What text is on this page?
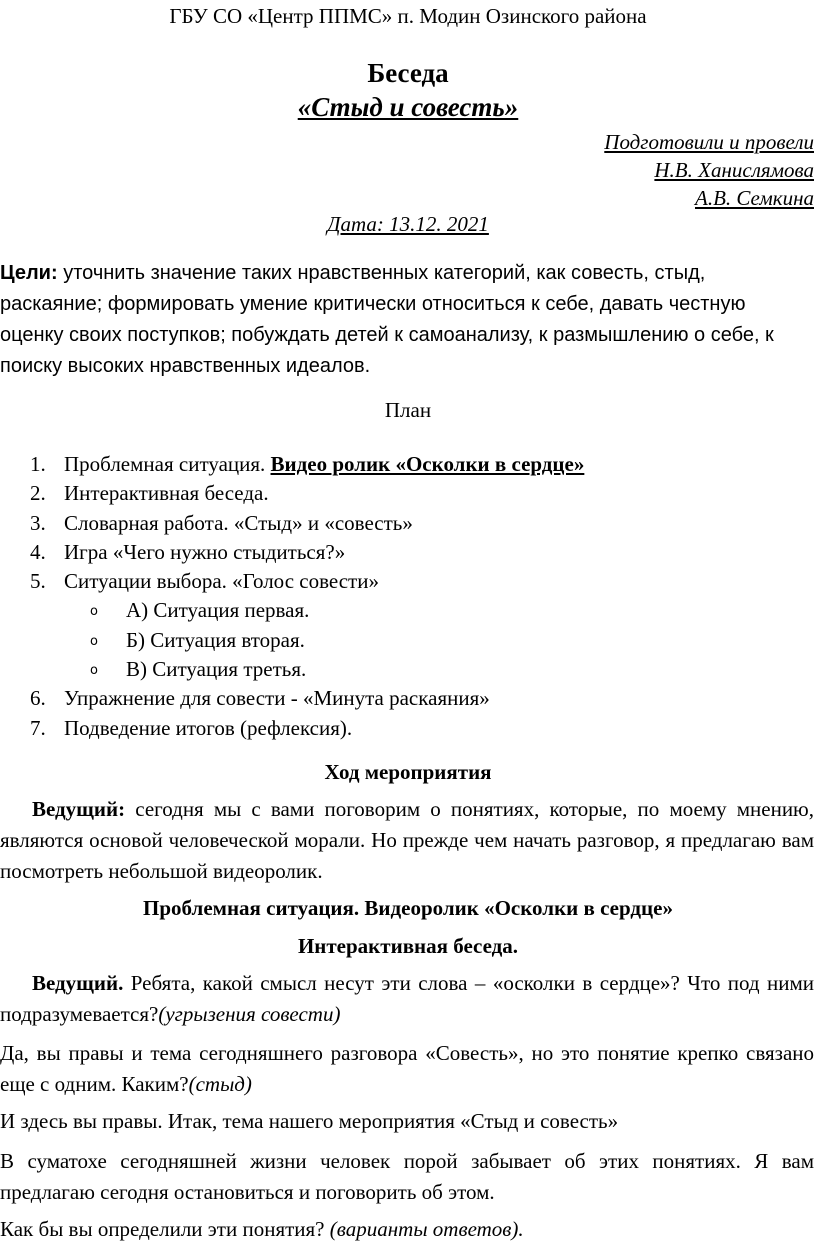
ГБУ СО «Центр ППМС» п. Модин Озинского района
Беседа
«Стыд и совесть»
Подготовили и провели
Н.В. Ханислямова
А.В. Семкина
Дата: 13.12. 2021
Цели: уточнить значение таких нравственных категорий, как совесть, стыд, раскаяние; формировать умение критически относиться к себе, давать честную оценку своих поступков; побуждать детей к самоанализу, к размышлению о себе, к поиску высоких нравственных идеалов.
План
1. Проблемная ситуация. Видео ролик «Осколки в сердце»
2. Интерактивная беседа.
3. Словарная работа. «Стыд» и «совесть»
4. Игра «Чего нужно стыдиться?»
5. Ситуации выбора. «Голос совести»
o А) Ситуация первая.
o Б) Ситуация вторая.
o В) Ситуация третья.
6. Упражнение для совести - «Минута раскаяния»
7. Подведение итогов (рефлексия).
Ход мероприятия
Ведущий: сегодня мы с вами поговорим о понятиях, которые, по моему мнению, являются основой человеческой морали. Но прежде чем начать разговор, я предлагаю вам посмотреть небольшой видеоролик.
Проблемная ситуация. Видеоролик «Осколки в сердце»
Интерактивная беседа.
Ведущий. Ребята, какой смысл несут эти слова – «осколки в сердце»? Что под ними подразумевается?(угрызения совести)
Да, вы правы и тема сегодняшнего разговора «Совесть», но это понятие крепко связано еще с одним. Каким?(стыд)
И здесь вы правы. Итак, тема нашего мероприятия «Стыд и совесть»
В суматохе сегодняшней жизни человек порой забывает об этих понятиях. Я вам предлагаю сегодня остановиться и поговорить об этом.
Как бы вы определили эти понятия? (варианты ответов).
